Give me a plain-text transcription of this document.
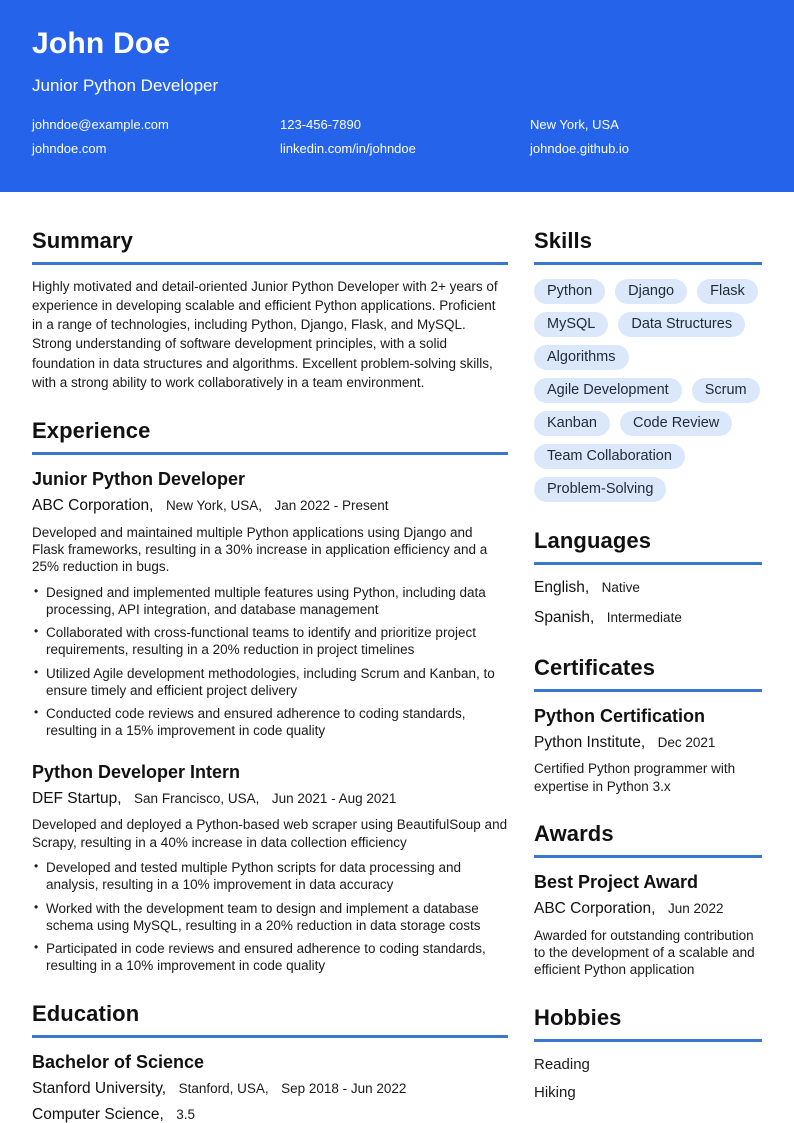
John Doe
Junior Python Developer
johndoe@example.com	123-456-7890	New York, USA
johndoe.com	linkedin.com/in/johndoe	johndoe.github.io
Summary
Highly motivated and detail-oriented Junior Python Developer with 2+ years of experience in developing scalable and efficient Python applications. Proficient in a range of technologies, including Python, Django, Flask, and MySQL. Strong understanding of software development principles, with a solid foundation in data structures and algorithms. Excellent problem-solving skills, with a strong ability to work collaboratively in a team environment.
Experience
Junior Python Developer
ABC Corporation , New York, USA , Jan 2022 - Present
Developed and maintained multiple Python applications using Django and Flask frameworks, resulting in a 30% increase in application efficiency and a 25% reduction in bugs.
• Designed and implemented multiple features using Python, including data processing, API integration, and database management
• Collaborated with cross-functional teams to identify and prioritize project requirements, resulting in a 20% reduction in project timelines
• Utilized Agile development methodologies, including Scrum and Kanban, to ensure timely and efficient project delivery
• Conducted code reviews and ensured adherence to coding standards, resulting in a 15% improvement in code quality
Python Developer Intern
DEF Startup , San Francisco, USA , Jun 2021 - Aug 2021
Developed and deployed a Python-based web scraper using BeautifulSoup and Scrapy, resulting in a 40% increase in data collection efficiency
• Developed and tested multiple Python scripts for data processing and analysis, resulting in a 10% improvement in data accuracy
• Worked with the development team to design and implement a database schema using MySQL, resulting in a 20% reduction in data storage costs
• Participated in code reviews and ensured adherence to coding standards, resulting in a 10% improvement in code quality
Education
Bachelor of Science
Stanford University , Stanford, USA , Sep 2018 - Jun 2022
Computer Science , 3.5
Skills
Python	Django	Flask
MySQL	Data Structures
Algorithms
Agile Development	Scrum
Kanban	Code Review
Team Collaboration
Problem-Solving
Languages
English , Native
Spanish , Intermediate
Certificates
Python Certification
Python Institute , Dec 2021
Certified Python programmer with expertise in Python 3.x
Awards
Best Project Award
ABC Corporation , Jun 2022
Awarded for outstanding contribution to the development of a scalable and efficient Python application
Hobbies
Reading
Hiking
